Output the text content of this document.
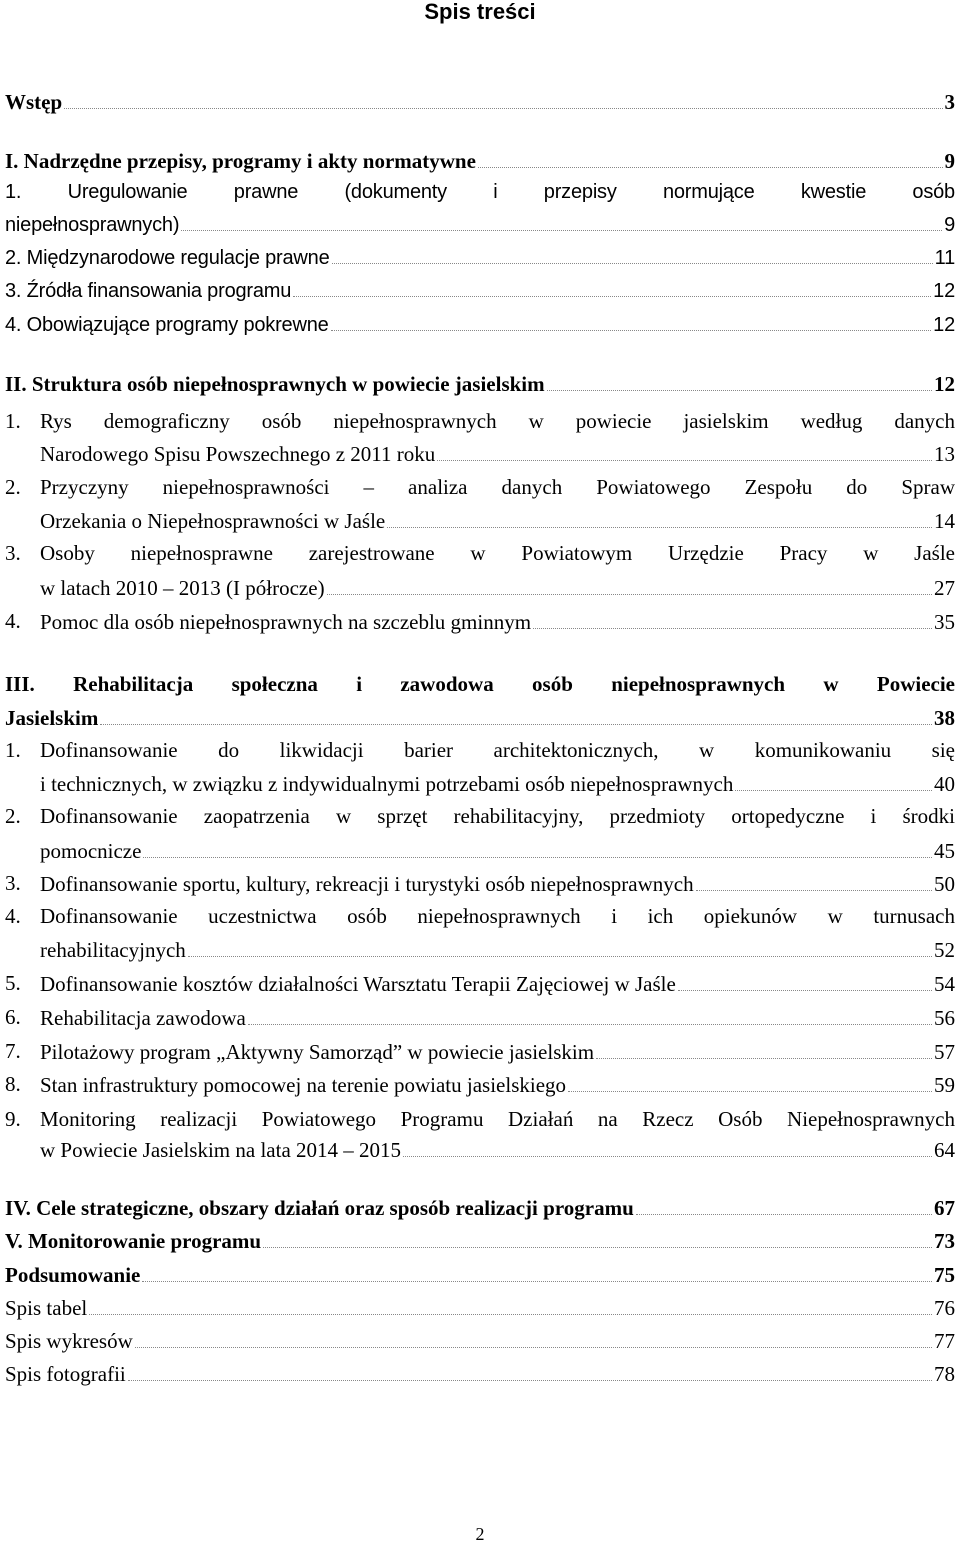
Spis treści
Wstęp	3
I. Nadrzędne przepisy, programy i akty normatywne	9
1. Uregulowanie prawne (dokumenty i przepisy normujące kwestie osób
niepełnosprawnych)	9
2. Międzynarodowe regulacje prawne	11
3. Źródła finansowania programu	12
4. Obowiązujące programy pokrewne	12
II. Struktura osób niepełnosprawnych w powiecie jasielskim	12
1. Rys demograficzny osób niepełnosprawnych w powiecie jasielskim według danych
Narodowego Spisu Powszechnego z 2011 roku	13
2. Przyczyny niepełnosprawności – analiza danych Powiatowego Zespołu do Spraw
Orzekania o Niepełnosprawności w Jaśle	14
3. Osoby niepełnosprawne zarejestrowane w Powiatowym Urzędzie Pracy w Jaśle
w latach 2010 – 2013 (I półrocze)	27
4. Pomoc dla osób niepełnosprawnych na szczeblu gminnym	35
III. Rehabilitacja społeczna i zawodowa osób niepełnosprawnych w Powiecie
Jasielskim	38
1. Dofinansowanie do likwidacji barier architektonicznych, w komunikowaniu się
i technicznych, w związku z indywidualnymi potrzebami osób niepełnosprawnych	40
2. Dofinansowanie zaopatrzenia w sprzęt rehabilitacyjny, przedmioty ortopedyczne i środki
pomocnicze	45
3. Dofinansowanie sportu, kultury, rekreacji i turystyki osób niepełnosprawnych	50
4. Dofinansowanie uczestnictwa osób niepełnosprawnych i ich opiekunów w turnusach
rehabilitacyjnych	52
5. Dofinansowanie kosztów działalności Warsztatu Terapii Zajęciowej w Jaśle	54
6. Rehabilitacja zawodowa	56
7. Pilotażowy program „Aktywny Samorząd” w powiecie jasielskim	57
8. Stan infrastruktury pomocowej na terenie powiatu jasielskiego	59
9. Monitoring realizacji Powiatowego Programu Działań na Rzecz Osób Niepełnosprawnych
w Powiecie Jasielskim na lata 2014 – 2015	64
IV. Cele strategiczne, obszary działań oraz sposób realizacji programu	67
V. Monitorowanie programu	73
Podsumowanie	75
Spis tabel	76
Spis wykresów	77
Spis fotografii	78
2
